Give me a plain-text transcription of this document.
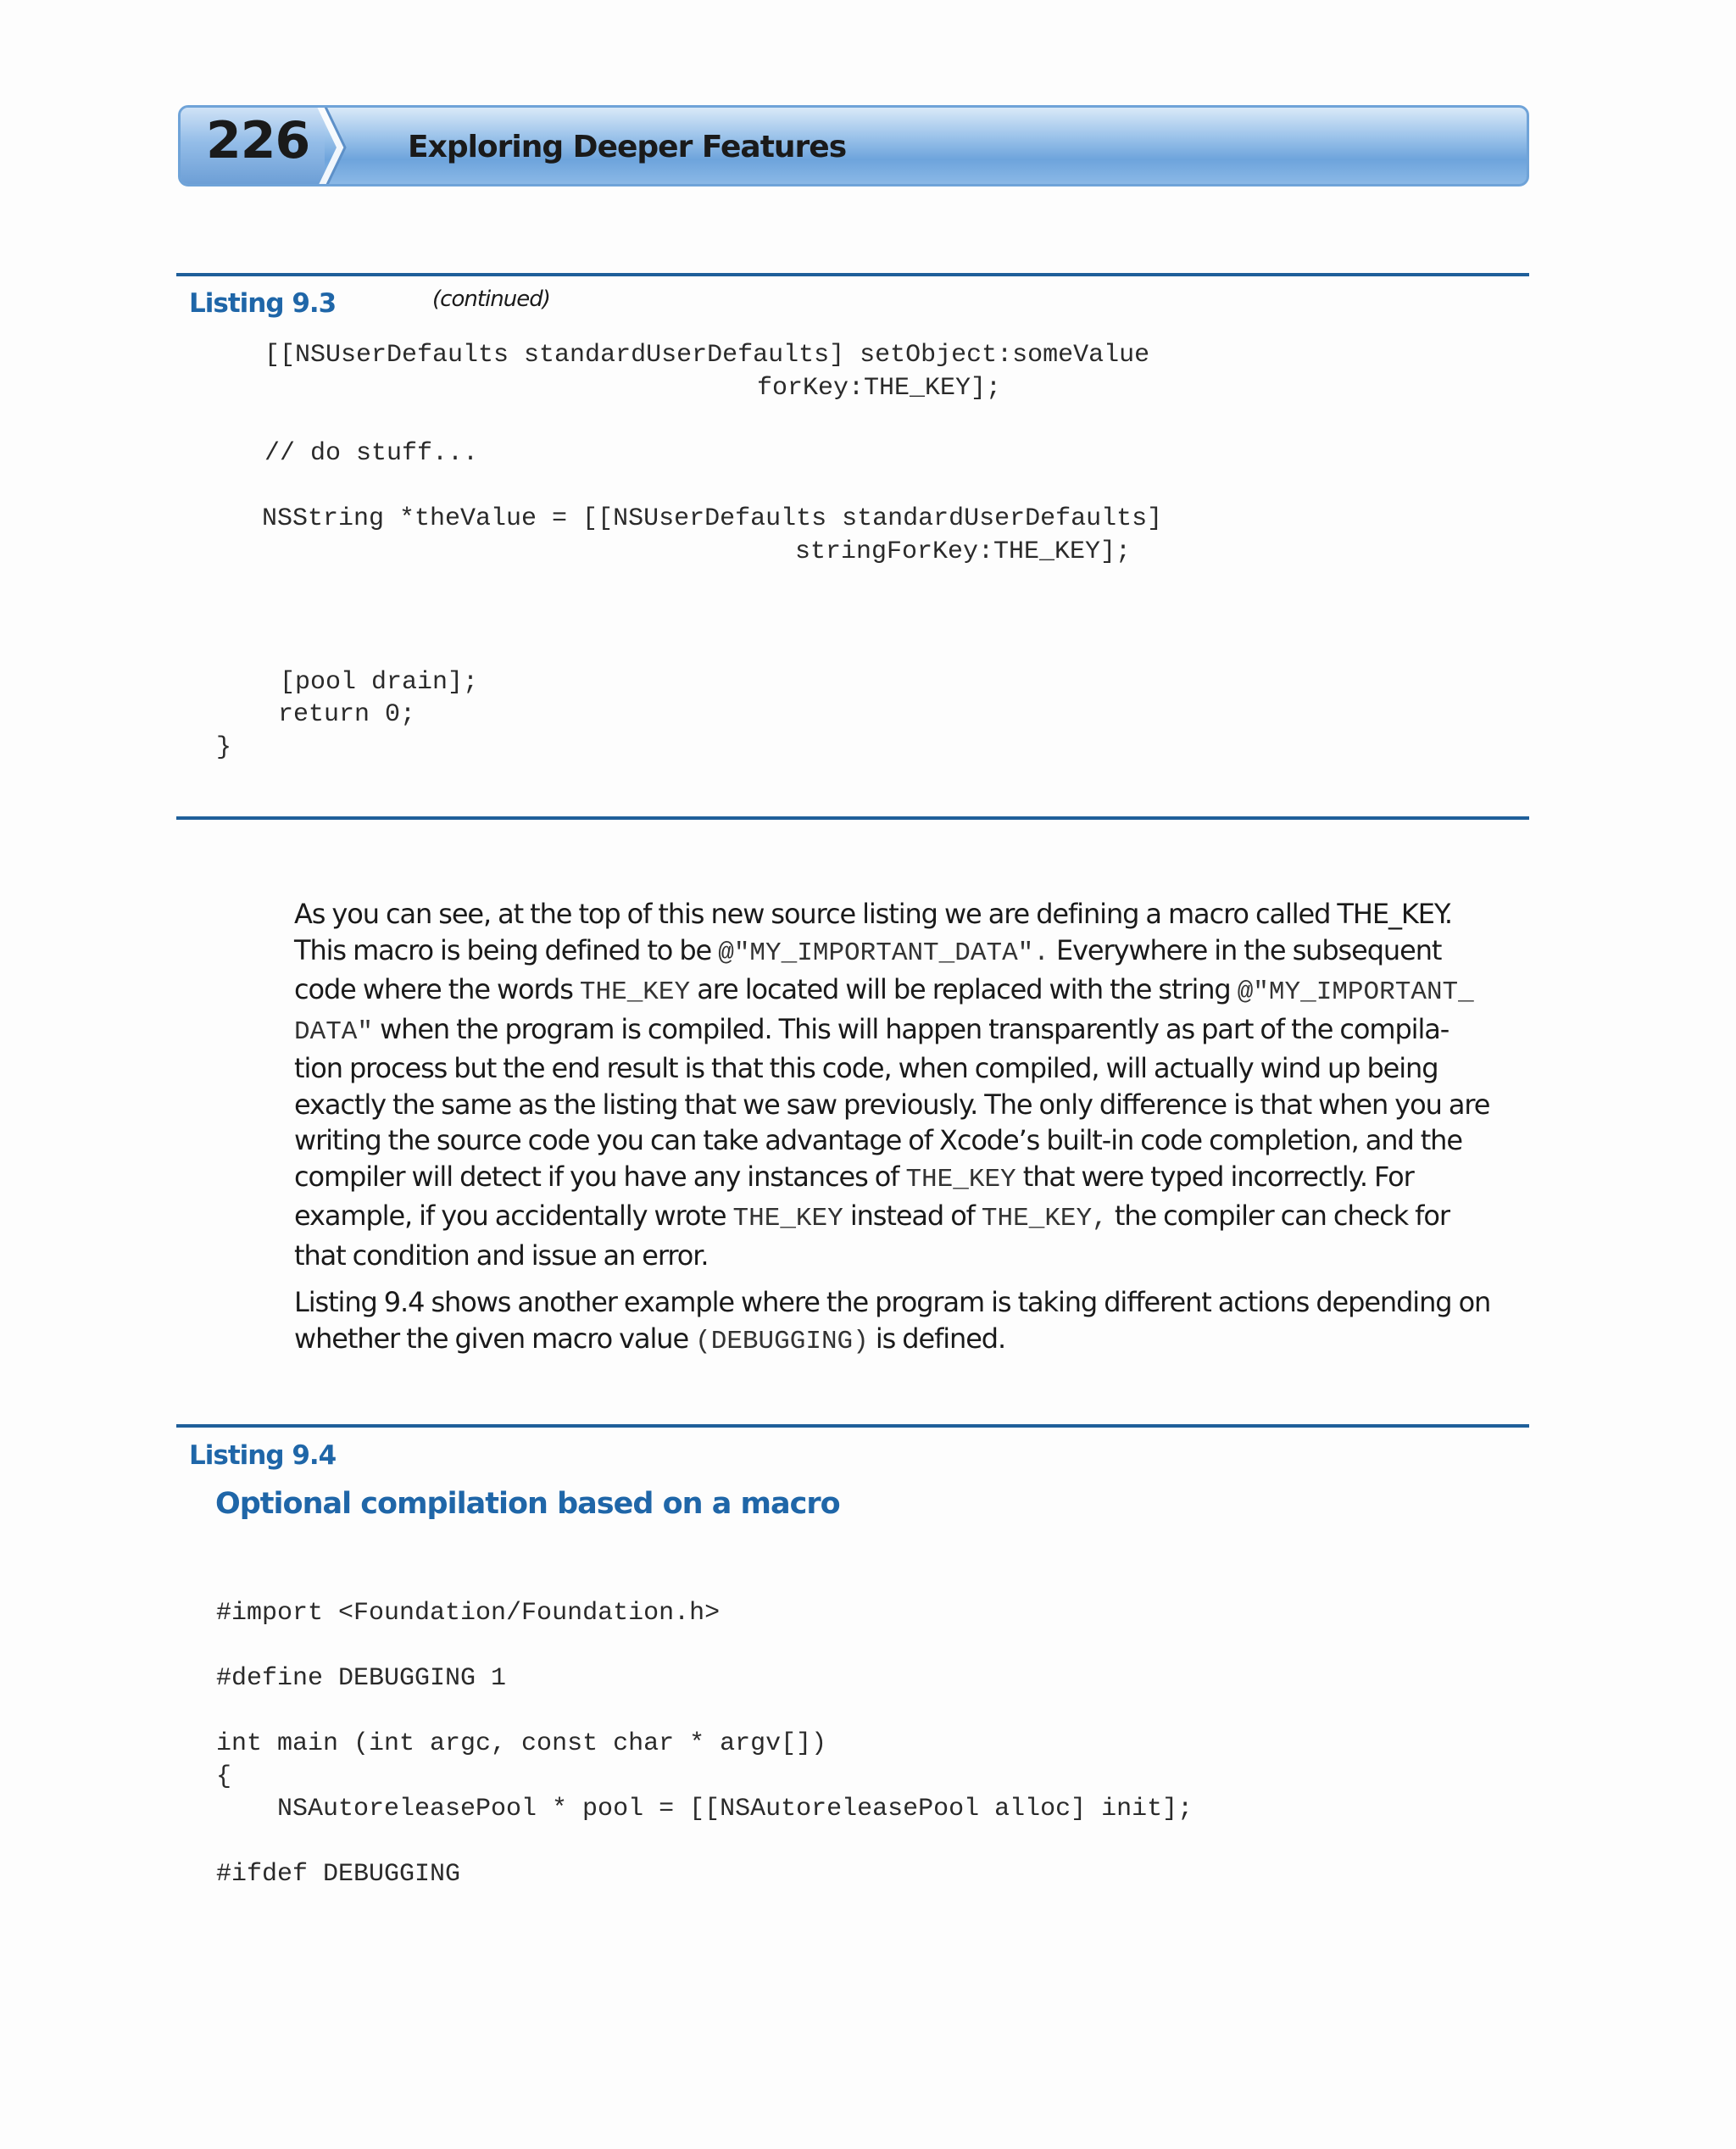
226	Exploring Deeper Features
Listing 9.3	(continued)
[[NSUserDefaults standardUserDefaults] setObject:someValue
forKey:THE_KEY];
// do stuff...
NSString *theValue = [[NSUserDefaults standardUserDefaults]
stringForKey:THE_KEY];
[pool drain];
return 0;
}
As you can see, at the top of this new source listing we are defining a macro called THE_KEY.
This macro is being defined to be @"MY_IMPORTANT_DATA". Everywhere in the subsequent
code where the words THE_KEY are located will be replaced with the string @"MY_IMPORTANT_
DATA" when the program is compiled. This will happen transparently as part of the compila-
tion process but the end result is that this code, when compiled, will actually wind up being
exactly the same as the listing that we saw previously. The only difference is that when you are
writing the source code you can take advantage of Xcode’s built-in code completion, and the
compiler will detect if you have any instances of THE_KEY that were typed incorrectly. For
example, if you accidentally wrote THE_KEY instead of THE_KEY, the compiler can check for
that condition and issue an error.
Listing 9.4 shows another example where the program is taking different actions depending on
whether the given macro value (DEBUGGING) is defined.
Listing 9.4
Optional compilation based on a macro
#import <Foundation/Foundation.h>
#define DEBUGGING 1
int main (int argc, const char * argv[])
{
NSAutoreleasePool * pool = [[NSAutoreleasePool alloc] init];
#ifdef DEBUGGING
